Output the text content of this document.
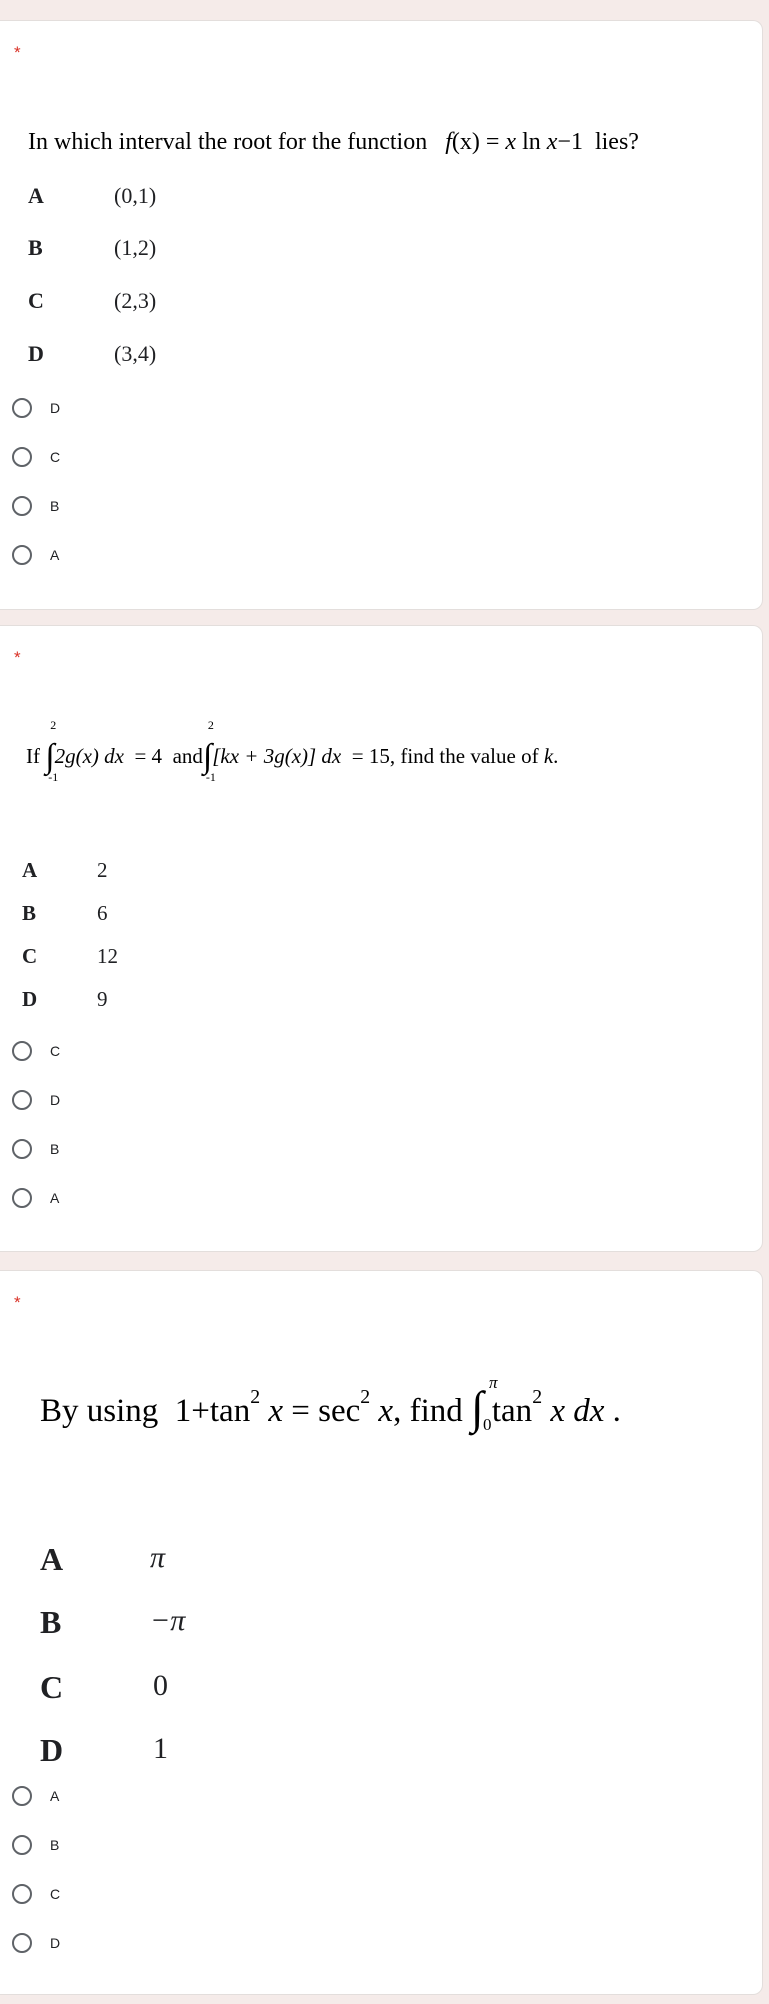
*
In which interval the root for the function f(x) = x ln x−1 lies?
A	(0,1)
B	(1,2)
C	(2,3)
D	(3,4)
D
C
B
A
*
If ∫
2
-1
2g(x) dx = 4 and∫
2
-1
[kx + 3g(x)] dx = 15, find the value of k.
A	2
B	6
C	12
D	9
C
D
B
A
*
By using $1+\tan^2$ $x = \sec^2 x$, find ∫ π
0 $\tan^2 x$ dx .
A	π
B	−π
C	0
D	1
A
B
C
D
